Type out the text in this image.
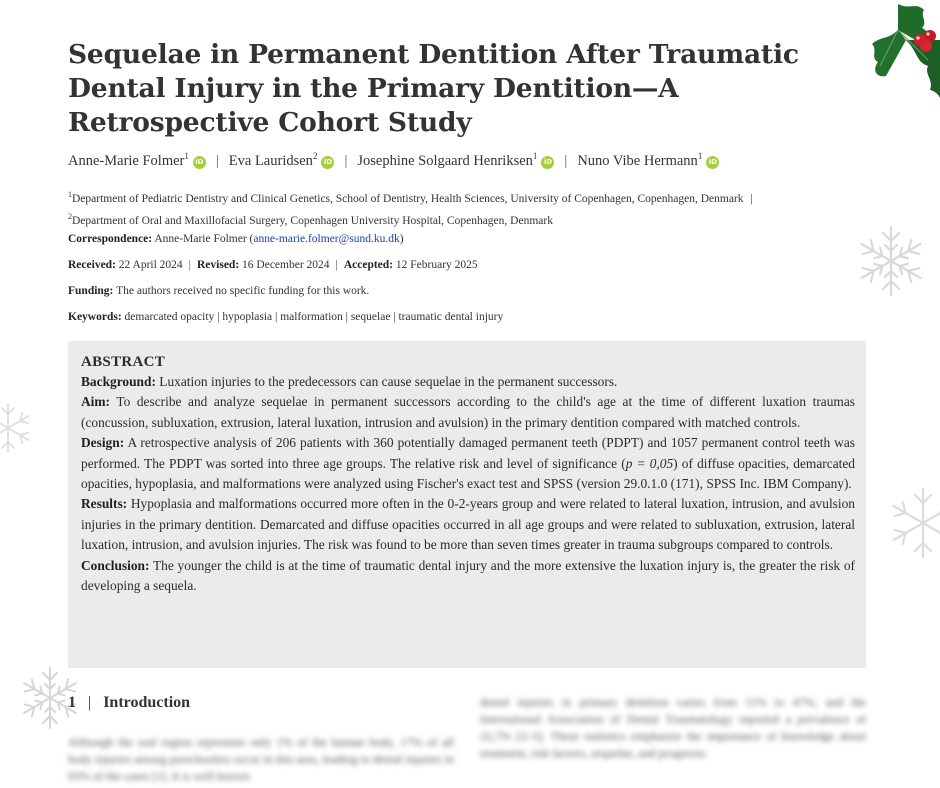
Sequelae in Permanent Dentition After Traumatic Dental Injury in the Primary Dentition—A Retrospective Cohort Study
Anne-Marie Folmer$^1$iD | Eva Lauridsen$^2$iD | Josephine Solgaard Henriksen$^1$iD | Nuno Vibe Hermann$^1$iD
$^1$Department of Pediatric Dentistry and Clinical Genetics, School of Dentistry, Health Sciences, University of Copenhagen, Copenhagen, Denmark | $^2$Department of Oral and Maxillofacial Surgery, Copenhagen University Hospital, Copenhagen, Denmark
Correspondence: Anne-Marie Folmer (anne-marie.folmer@sund.ku.dk)
Received: 22 April 2024 | Revised: 16 December 2024 | Accepted: 12 February 2025
Funding: The authors received no specific funding for this work.
Keywords: demarcated opacity | hypoplasia | malformation | sequelae | traumatic dental injury
ABSTRACT

Background: Luxation injuries to the predecessors can cause sequelae in the permanent successors.

Aim: To describe and analyze sequelae in permanent successors according to the child's age at the time of different luxation traumas (concussion, subluxation, extrusion, lateral luxation, intrusion and avulsion) in the primary dentition compared with matched controls.

Design: A retrospective analysis of 206 patients with 360 potentially damaged permanent teeth (PDPT) and 1057 permanent control teeth was performed. The PDPT was sorted into three age groups. The relative risk and level of significance (p = 0,05) of diffuse opacities, demarcated opacities, hypoplasia, and malformations were analyzed using Fischer's exact test and SPSS (version 29.0.1.0 (171), SPSS Inc. IBM Company).

Results: Hypoplasia and malformations occurred more often in the 0-2-years group and were related to lateral luxation, intrusion, and avulsion injuries in the primary dentition. Demarcated and diffuse opacities occurred in all age groups and were related to subluxation, extrusion, lateral luxation, intrusion, and avulsion injuries. The risk was found to be more than seven times greater in trauma subgroups compared to controls.

Conclusion: The younger the child is at the time of traumatic dental injury and the more extensive the luxation injury is, the greater the risk of developing a sequela.

1 | Introduction
Although the oral region represents only 1% of the human body, 17% of all body injuries among preschoolers occur in this area, leading to dental injuries in 93% of the cases [1]. It is well known
dental injuries in primary dentition varies from 11% to 47%, and the International Association of Dental Traumatology reported a prevalence of 22,7% [3–5]. These statistics emphasize the importance of knowledge about treatment, risk factors, sequelae, and prognosis.
